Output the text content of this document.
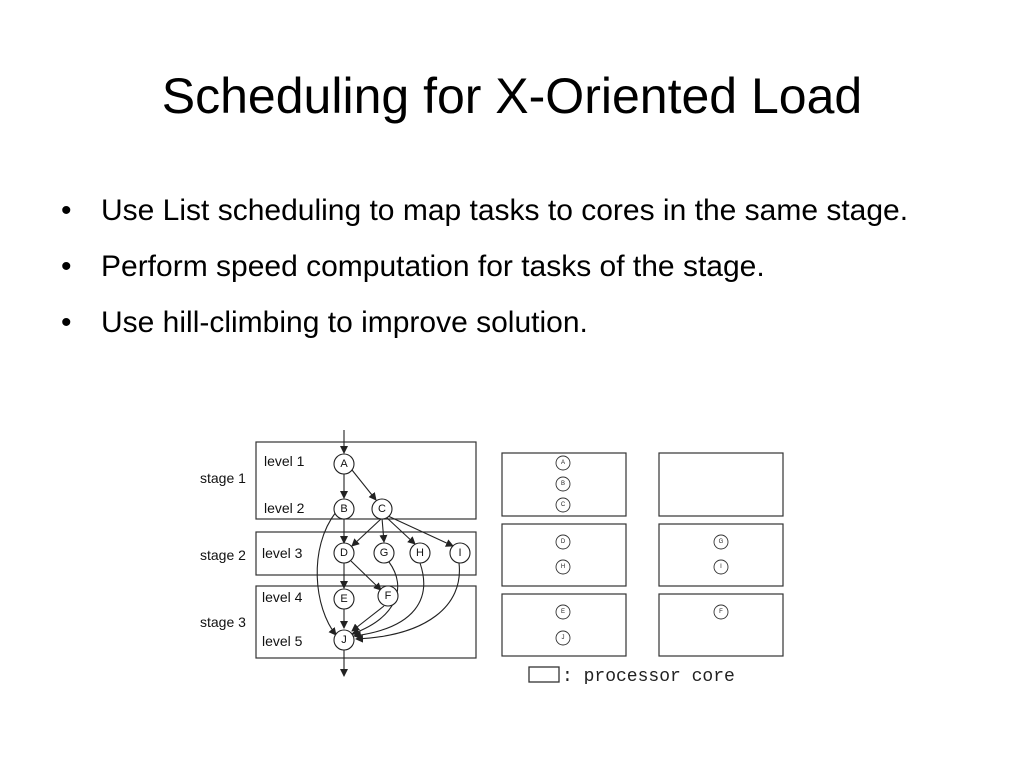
Scheduling for X-Oriented Load
• Use List scheduling to map tasks to cores in the same stage.
• Perform speed computation for tasks of the stage.
• Use hill-climbing to improve solution.
stage 1
stage 2
stage 3
level 1
level 2
level 3
level 4
level 5
A
B	C
D	G	H	I
E	F
J
A
B
C
D
H
G
I
E
J
F
: processor core
